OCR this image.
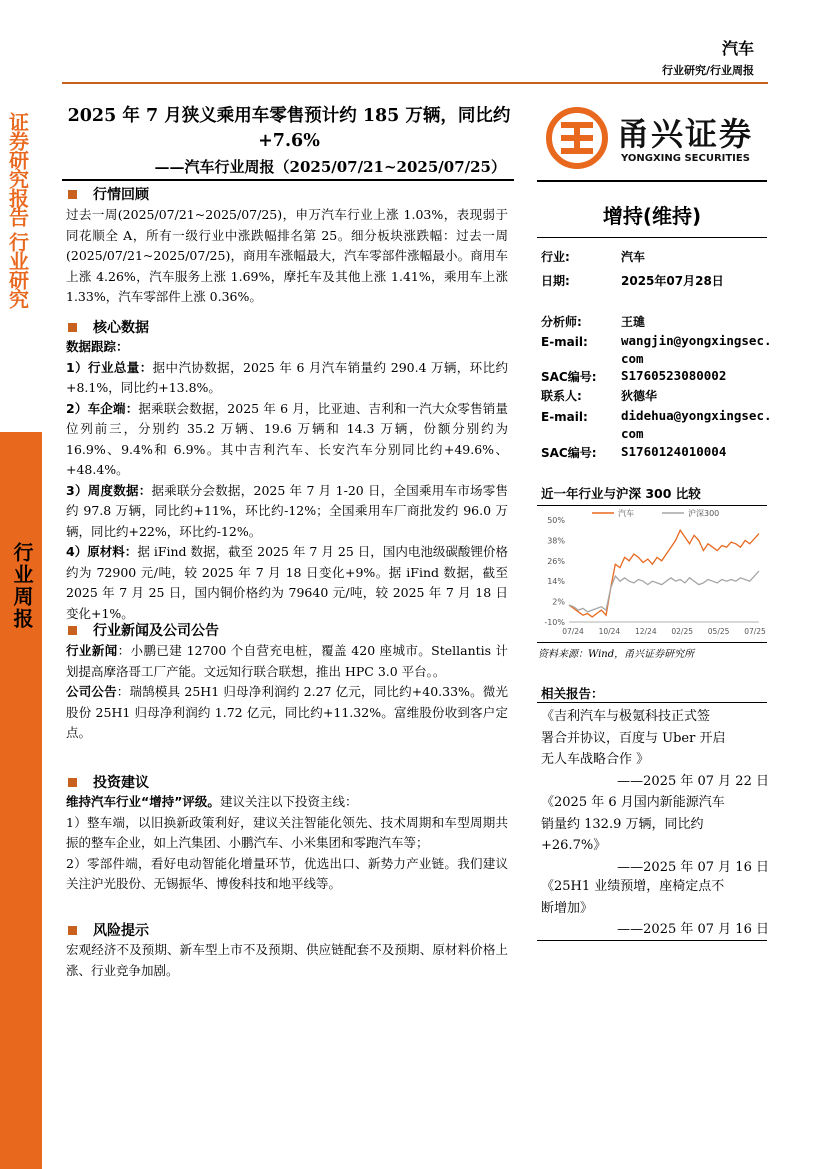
汽车
行业研究/行业周报
证券研究报告 行业研究
行业周报
2025 年 7 月狭义乘用车零售预计约 185 万辆，同比约
+7.6%
——汽车行业周报（2025/07/21~2025/07/25）
行情回顾
过去一周(2025/07/21~2025/07/25)，申万汽车行业上涨 1.03%，表现弱于同花顺全 A，所有一级行业中涨跌幅排名第 25。细分板块涨跌幅：过去一周(2025/07/21~2025/07/25)，商用车涨幅最大，汽车零部件涨幅最小。商用车上涨 4.26%，汽车服务上涨 1.69%，摩托车及其他上涨 1.41%，乘用车上涨 1.33%，汽车零部件上涨 0.36%。
核心数据

数据跟踪：

1）行业总量：据中汽协数据，2025 年 6 月汽车销量约 290.4 万辆，环比约+8.1%，同比约+13.8%。

2）车企端：据乘联会数据，2025 年 6 月，比亚迪、吉利和一汽大众零售销量位列前三，分别约 35.2 万辆、19.6 万辆和 14.3 万辆，份额分别约为 16.9%、9.4%和 6.9%。其中吉利汽车、长安汽车分别同比约+49.6%、+48.4%。

3）周度数据：据乘联分会数据，2025 年 7 月 1-20 日，全国乘用车市场零售约 97.8 万辆，同比约+11%，环比约-12%；全国乘用车厂商批发约 96.0 万辆，同比约+22%，环比约-12%。

4）原材料：据 iFind 数据，截至 2025 年 7 月 25 日，国内电池级碳酸锂价格约为 72900 元/吨，较 2025 年 7 月 18 日变化+9%。据 iFind 数据，截至 2025 年 7 月 25 日，国内铜价格约为 79640 元/吨，较 2025 年 7 月 18 日变化+1%。

行业新闻及公司公告

行业新闻：小鹏已建 12700 个自营充电桩，覆盖 420 座城市。Stellantis 计划提高摩洛哥工厂产能。文远知行联合联想，推出 HPC 3.0 平台。。

公司公告：瑞鹄模具 25H1 归母净利润约 2.27 亿元，同比约+40.33%。微光股份 25H1 归母净利润约 1.72 亿元，同比约+11.32%。富维股份收到客户定点。

投资建议

维持汽车行业“增持”评级。建议关注以下投资主线：

1）整车端，以旧换新政策利好，建议关注智能化领先、技术周期和车型周期共振的整车企业，如上汽集团、小鹏汽车、小米集团和零跑汽车等；

2）零部件端，看好电动智能化增量环节，优选出口、新势力产业链。我们建议关注沪光股份、无锡振华、博俊科技和地平线等。

风险提示
宏观经济不及预期、新车型上市不及预期、供应链配套不及预期、原材料价格上涨、行业竞争加剧。
甬兴证券
YONGXING SECURITIES
增持(维持)
行业:	汽车
日期:	2025年07月28日
分析师:	王璡
E-mail:	wangjin@yongxingsec.
com
SAC编号: S1760523080002
联系人:	狄德华
E-mail:	didehua@yongxingsec.
com
SAC编号: S1760124010004
近一年行业与沪深 300 比较
-10%
2%
14%
26%
38%
50%
07/24 10/24 12/24 02/25 05/25 07/25
汽车	沪深300
资料来源：Wind，甬兴证券研究所
相关报告：
《吉利汽车与极氪科技正式签
署合并协议，百度与 Uber 开启
无人车战略合作 》
——2025 年 07 月 22 日
《2025 年 6 月国内新能源汽车
销量约 132.9 万辆，同比约
+26.7%》
——2025 年 07 月 16 日
《25H1 业绩预增，座椅定点不
断增加》
——2025 年 07 月 16 日
